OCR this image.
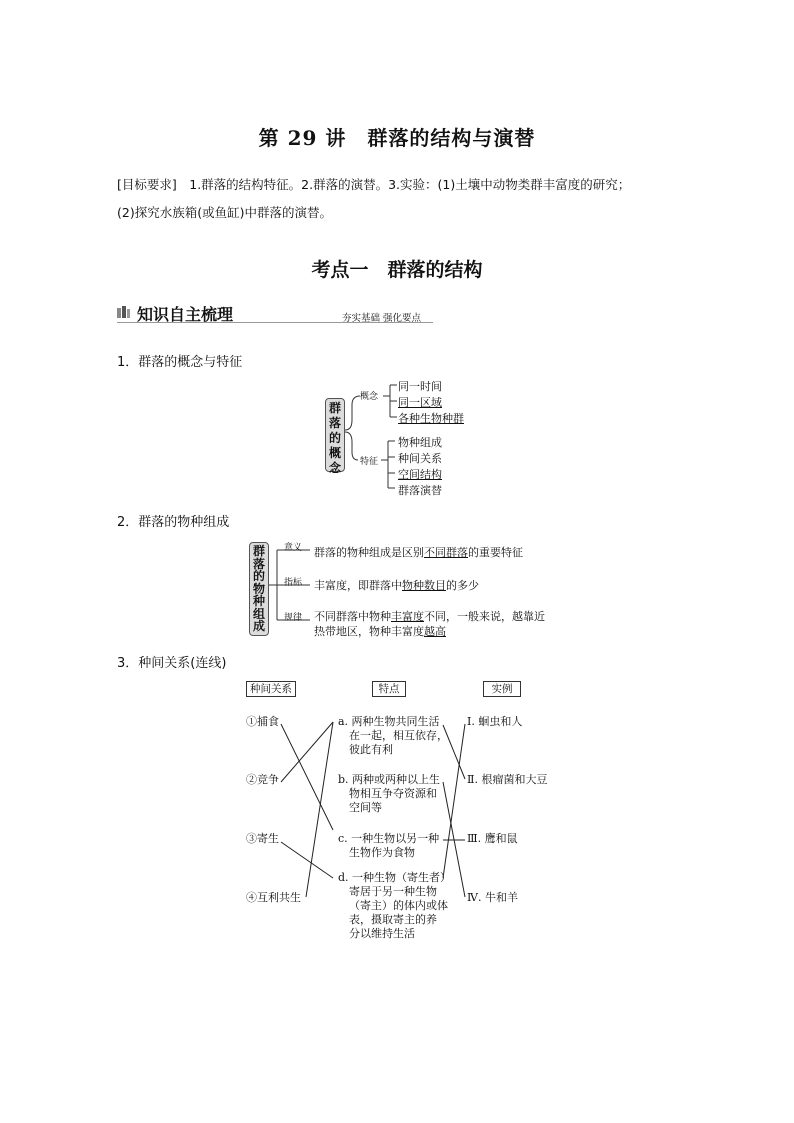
第 29 讲　群落的结构与演替
[目标要求]　1.群落的结构特征。2.群落的演替。3.实验：(1)土壤中动物类群丰富度的研究；
(2)探究水族箱(或鱼缸)中群落的演替。
考点一　群落的结构
知识自主梳理	夯实基础 强化要点
1．群落的概念与特征
群
落
的
概
念
概念
特征
同一时间
同一区域
各种生物种群
物种组成
种间关系
空间结构
群落演替
2．群落的物种组成
群
落
的
物
种
组
成
意义
指标
规律
群落的物种组成是区别不同群落的重要特征
丰富度，即群落中物种数目的多少
不同群落中物种丰富度不同，一般来说，越靠近
热带地区，物种丰富度越高
3．种间关系(连线)
种间关系	特点	实例
①捕食
②竞争
③寄生
④互利共生
a. 两种生物共同生活
在一起，相互依存，
彼此有利
b. 两种或两种以上生
物相互争夺资源和
空间等
c. 一种生物以另一种
生物作为食物
d. 一种生物（寄生者）
寄居于另一种生物
（寄主）的体内或体
表，摄取寄主的养
分以维持生活
Ⅰ. 蛔虫和人
Ⅱ. 根瘤菌和大豆
Ⅲ. 鹰和鼠
Ⅳ. 牛和羊
